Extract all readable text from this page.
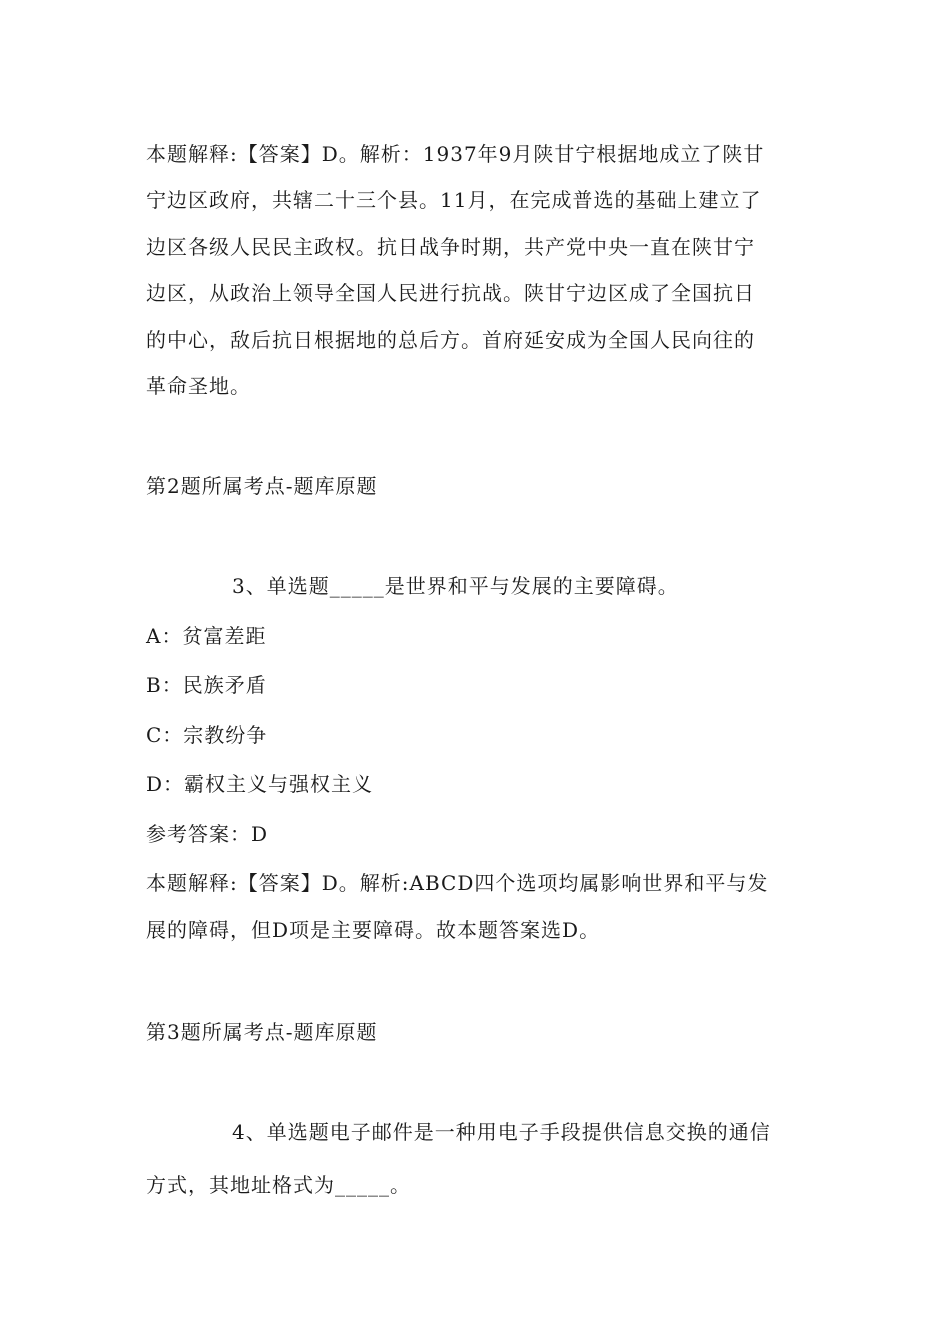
本题解释:【答案】D。解析：1937年9月陕甘宁根据地成立了陕甘
宁边区政府，共辖二十三个县。11月，在完成普选的基础上建立了
边区各级人民民主政权。抗日战争时期，共产党中央一直在陕甘宁
边区，从政治上领导全国人民进行抗战。陕甘宁边区成了全国抗日
的中心，敌后抗日根据地的总后方。首府延安成为全国人民向往的
革命圣地。
第2题所属考点-题库原题
3、单选题_____是世界和平与发展的主要障碍。
A：贫富差距
B：民族矛盾
C：宗教纷争
D：霸权主义与强权主义
参考答案：D
本题解释:【答案】D。解析:ABCD四个选项均属影响世界和平与发
展的障碍，但D项是主要障碍。故本题答案选D。
第3题所属考点-题库原题
4、单选题电子邮件是一种用电子手段提供信息交换的通信
方式，其地址格式为_____。
